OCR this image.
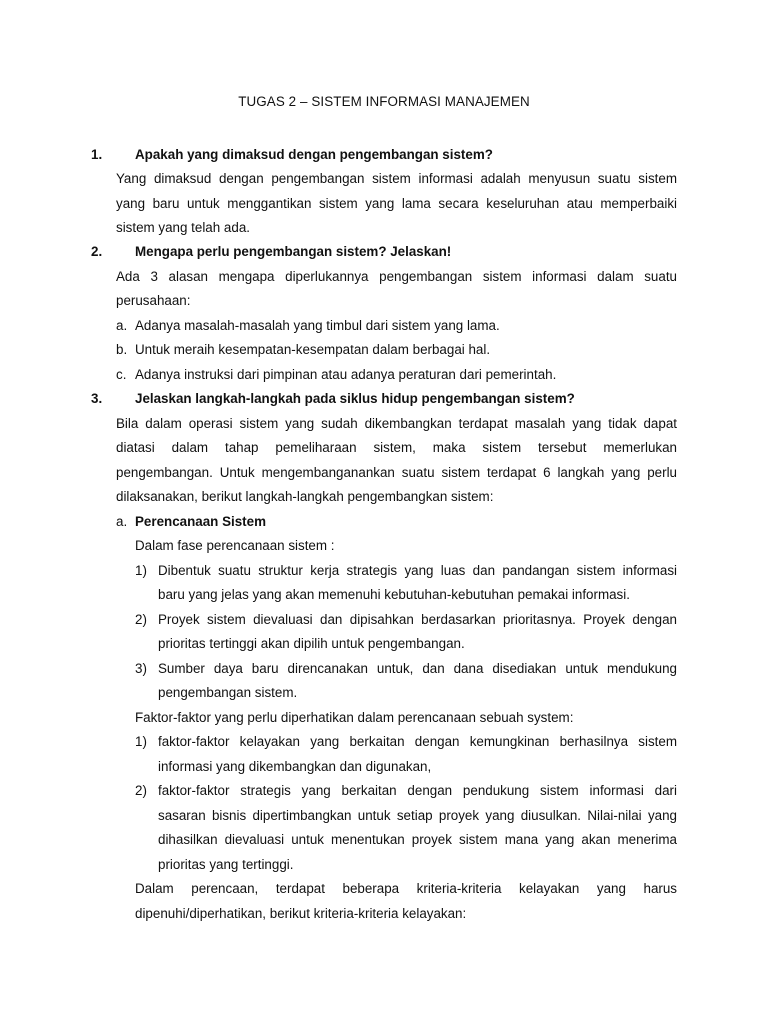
TUGAS 2 – SISTEM INFORMASI MANAJEMEN
1. Apakah yang dimaksud dengan pengembangan sistem?
Yang dimaksud dengan pengembangan sistem informasi adalah menyusun suatu sistem
yang baru untuk menggantikan sistem yang lama secara keseluruhan atau memperbaiki
sistem yang telah ada.
2. Mengapa perlu pengembangan sistem? Jelaskan!
Ada 3 alasan mengapa diperlukannya pengembangan sistem informasi dalam suatu
perusahaan:
a. Adanya masalah-masalah yang timbul dari sistem yang lama.
b. Untuk meraih kesempatan-kesempatan dalam berbagai hal.
c. Adanya instruksi dari pimpinan atau adanya peraturan dari pemerintah.
3. Jelaskan langkah-langkah pada siklus hidup pengembangan sistem?
Bila dalam operasi sistem yang sudah dikembangkan terdapat masalah yang tidak dapat
diatasi dalam tahap pemeliharaan sistem, maka sistem tersebut memerlukan
pengembangan. Untuk mengembanganankan suatu sistem terdapat 6 langkah yang perlu
dilaksanakan, berikut langkah-langkah pengembangkan sistem:
a. Perencanaan Sistem
Dalam fase perencanaan sistem :
1) Dibentuk suatu struktur kerja strategis yang luas dan pandangan sistem informasi
baru yang jelas yang akan memenuhi kebutuhan-kebutuhan pemakai informasi.
2) Proyek sistem dievaluasi dan dipisahkan berdasarkan prioritasnya. Proyek dengan
prioritas tertinggi akan dipilih untuk pengembangan.
3) Sumber daya baru direncanakan untuk, dan dana disediakan untuk mendukung
pengembangan sistem.
Faktor-faktor yang perlu diperhatikan dalam perencanaan sebuah system:
1) faktor-faktor kelayakan yang berkaitan dengan kemungkinan berhasilnya sistem
informasi yang dikembangkan dan digunakan,
2) faktor-faktor strategis yang berkaitan dengan pendukung sistem informasi dari
sasaran bisnis dipertimbangkan untuk setiap proyek yang diusulkan. Nilai-nilai yang
dihasilkan dievaluasi untuk menentukan proyek sistem mana yang akan menerima
prioritas yang tertinggi.
Dalam perencaan, terdapat beberapa kriteria-kriteria kelayakan yang harus
dipenuhi/diperhatikan, berikut kriteria-kriteria kelayakan:
